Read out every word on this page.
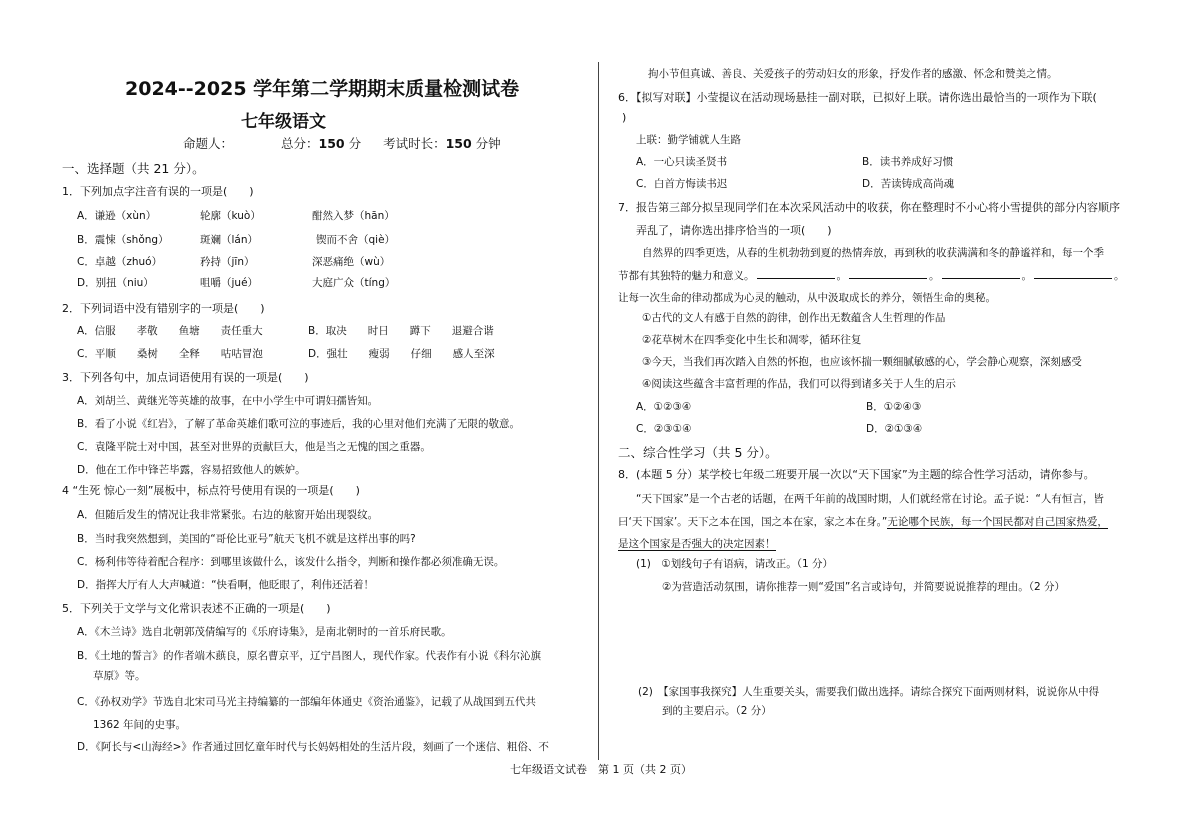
2024--2025 学年第二学期期末质量检测试卷
七年级语文
命题人：	总分：150 分 考试时长：150 分钟
一、选择题（共 21 分）。
1．下列加点字注音有误的一项是(　　)
A．谦逊（xùn）	轮廓（kuò）	酣然入梦（hān）
B．震悚（shǒng）	斑斓（lán）	锲而不舍（qiè）
C．卓越（zhuó）	矜持（jīn）	深恶痛绝（wù）
D．别扭（niu）	咀嚼（jué）	大庭广众（tíng）
2．下列词语中没有错别字的一项是(　　)
A．信服　　孝敬　　鱼塘　　责任重大	B．取决　　时日　　蹲下　　退避合谐
C．平顺　　桑树　　全释　　咕咕冒泡	D．强壮　　瘦弱　　仔细　　感人至深
3．下列各句中，加点词语使用有误的一项是(　　)
A．刘胡兰、黄继光等英雄的故事，在中小学生中可谓妇孺皆知。
B．看了小说《红岩》，了解了革命英雄们歌可泣的事迹后，我的心里对他们充满了无限的敬意。
C．袁隆平院士对中国，甚至对世界的贡献巨大，他是当之无愧的国之重器。
D．他在工作中锋芒毕露，容易招致他人的嫉妒。
4 “生死 惊心一刻”展板中，标点符号使用有误的一项是(　　)
A．但随后发生的情况让我非常紧张。右边的舷窗开始出现裂纹。
B．当时我突然想到，美国的“哥伦比亚号”航天飞机不就是这样出事的吗?
C．杨利伟等待着配合程序：到哪里该做什么，该发什么指令，判断和操作都必须准确无误。
D．指挥大厅有人大声喊道：“快看啊，他眨眼了，利伟还活着！
5．下列关于文学与文化常识表述不正确的一项是(　　)
A．《木兰诗》选自北朝郭茂倩编写的《乐府诗集》，是南北朝时的一首乐府民歌。
B．《土地的誓言》的作者端木蕻良，原名曹京平，辽宁昌图人，现代作家。代表作有小说《科尔沁旗
草原》等。
C．《孙权劝学》节选自北宋司马光主持编纂的一部编年体通史《资治通鉴》，记载了从战国到五代共
1362 年间的史事。
D．《阿长与<山海经>》作者通过回忆童年时代与长妈妈相处的生活片段，刻画了一个迷信、粗俗、不
拘小节但真诚、善良、关爱孩子的劳动妇女的形象，抒发作者的感激、怀念和赞美之情。
6．【拟写对联】小莹提议在活动现场悬挂一副对联，已拟好上联。请你选出最恰当的一项作为下联(
)
上联：勤学铺就人生路
A．一心只读圣贤书	B．读书养成好习惯
C．白首方悔读书迟	D．苦读铸成高尚魂
7．报告第三部分拟呈现同学们在本次采风活动中的收获，你在整理时不小心将小雪提供的部分内容顺序
弄乱了，请你选出排序恰当的一项(　　)
自然界的四季更迭，从春的生机勃勃到夏的热情奔放，再到秋的收获满满和冬的静谧祥和，每一个季
节都有其独特的魅力和意义。	。	。	。	。
让每一次生命的律动都成为心灵的触动，从中汲取成长的养分，领悟生命的奥秘。
①古代的文人有感于自然的韵律，创作出无数蕴含人生哲理的作品
②花草树木在四季变化中生长和凋零，循环往复
③今天，当我们再次踏入自然的怀抱，也应该怀揣一颗细腻敏感的心，学会静心观察，深刻感受
④阅读这些蕴含丰富哲理的作品，我们可以得到诸多关于人生的启示
A．①②③④	B．①②④③
C．②③①④	D．②①③④
二、综合性学习（共 5 分）。
8．(本题 5 分）某学校七年级二班要开展一次以“天下国家”为主题的综合性学习活动，请你参与。
“天下国家”是一个古老的话题，在两千年前的战国时期，人们就经常在讨论。孟子说：“人有恒言，皆
曰‘天下国家’。天下之本在国，国之本在家，家之本在身。”无论哪个民族，每一个国民都对自己国家热爱，
是这个国家是否强大的决定因素！
(1)　①划线句子有语病，请改正。（1 分）
②为营造活动氛围，请你推荐一则“爱国”名言或诗句，并简要说说推荐的理由。（2 分）
(2)　【家国事我探究】人生重要关头，需要我们做出选择。请综合探究下面两则材料，说说你从中得
到的主要启示。（2 分）
七年级语文试卷　第 1 页（共 2 页）
